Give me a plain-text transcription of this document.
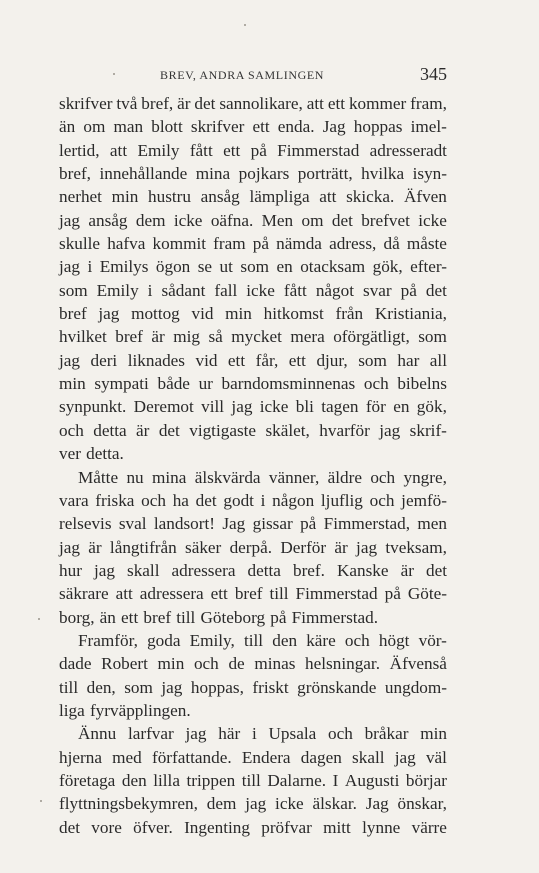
BREV, ANDRA SAMLINGEN	345
skrifver två bref, är det sannolikare, att ett kommer fram,
än om man blott skrifver ett enda. Jag hoppas imel-
lertid, att Emily fått ett på Fimmerstad adresseradt
bref, innehållande mina pojkars porträtt, hvilka isyn-
nerhet min hustru ansåg lämpliga att skicka. Äfven
jag ansåg dem icke oäfna. Men om det brefvet icke
skulle hafva kommit fram på nämda adress, då måste
jag i Emilys ögon se ut som en otacksam gök, efter-
som Emily i sådant fall icke fått något svar på det
bref jag mottog vid min hitkomst från Kristiania,
hvilket bref är mig så mycket mera oförgätligt, som
jag deri liknades vid ett får, ett djur, som har all
min sympati både ur barndomsminnenas och bibelns
synpunkt. Deremot vill jag icke bli tagen för en gök,
och detta är det vigtigaste skälet, hvarför jag skrif-
ver detta.
Måtte nu mina älskvärda vänner, äldre och yngre,
vara friska och ha det godt i någon ljuflig och jemfö-
relsevis sval landsort! Jag gissar på Fimmerstad, men
jag är långtifrån säker derpå. Derför är jag tveksam,
hur jag skall adressera detta bref. Kanske är det
säkrare att adressera ett bref till Fimmerstad på Göte-
borg, än ett bref till Göteborg på Fimmerstad.
Framför, goda Emily, till den käre och högt vör-
dade Robert min och de minas helsningar. Äfvenså
till den, som jag hoppas, friskt grönskande ungdom-
liga fyrväpplingen.
Ännu larfvar jag här i Upsala och bråkar min
hjerna med författande. Endera dagen skall jag väl
företaga den lilla trippen till Dalarne. I Augusti börjar
flyttningsbekymren, dem jag icke älskar. Jag önskar,
det vore öfver. Ingenting pröfvar mitt lynne värre
